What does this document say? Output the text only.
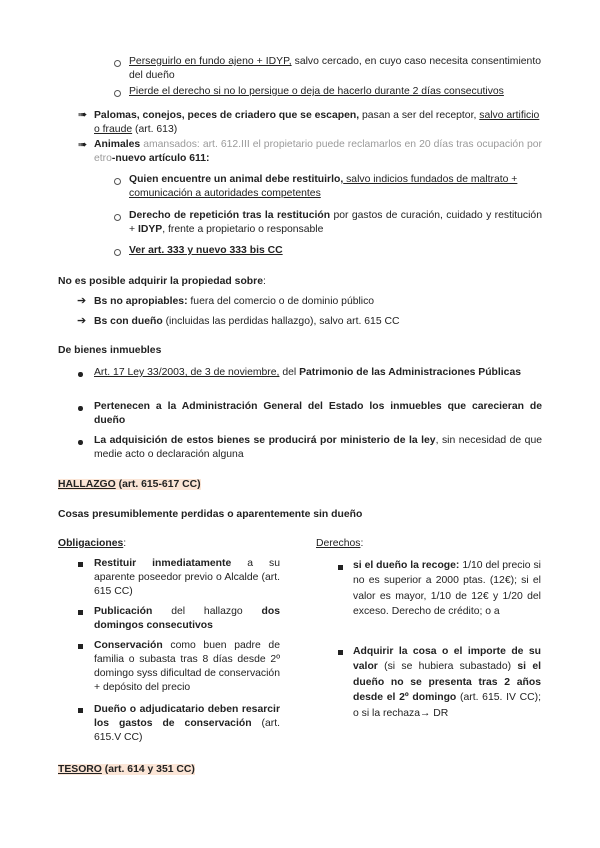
Perseguirlo en fundo ajeno + IDYP, salvo cercado, en cuyo caso necesita consentimiento del dueño
Pierde el derecho si no lo persigue o deja de hacerlo durante 2 días consecutivos
➠ Palomas, conejos, peces de criadero que se escapen, pasan a ser del receptor, salvo artificio o fraude (art. 613)
➠ Animales amansados: art. 612.III el propietario puede reclamarlos en 20 días tras ocupación por etro-nuevo artículo 611:
Quien encuentre un animal debe restituirlo, salvo indicios fundados de maltrato + comunicación a autoridades competentes
Derecho de repetición tras la restitución por gastos de curación, cuidado y restitución + IDYP, frente a propietario o responsable
Ver art. 333 y nuevo 333 bis CC
No es posible adquirir la propiedad sobre:
➔ Bs no apropiables: fuera del comercio o de dominio público
➔ Bs con dueño (incluidas las perdidas hallazgo), salvo art. 615 CC
De bienes inmuebles
Art. 17 Ley 33/2003, de 3 de noviembre, del Patrimonio de las Administraciones Públicas
Pertenecen a la Administración General del Estado los inmuebles que carecieran de dueño
La adquisición de estos bienes se producirá por ministerio de la ley, sin necesidad de que medie acto o declaración alguna
HALLAZGO (art. 615-617 CC)
Cosas presumiblemente perdidas o aparentemente sin dueño
Obligaciones:
Restituir inmediatamente a su aparente poseedor previo o Alcalde (art. 615 CC)
Publicación del hallazgo dos domingos consecutivos
Conservación como buen padre de familia o subasta tras 8 días desde 2º domingo syss dificultad de conservación + depósito del precio
Dueño o adjudicatario deben resarcir los gastos de conservación (art. 615.V CC)
Derechos:
si el dueño la recoge: 1/10 del precio si no es superior a 2000 ptas. (12€); si el valor es mayor, 1/10 de 12€ y 1/20 del exceso. Derecho de crédito; o a
Adquirir la cosa o el importe de su valor (si se hubiera subastado) si el dueño no se presenta tras 2 años desde el 2º domingo (art. 615. IV CC); o si la rechaza→ DR
TESORO (art. 614 y 351 CC)
